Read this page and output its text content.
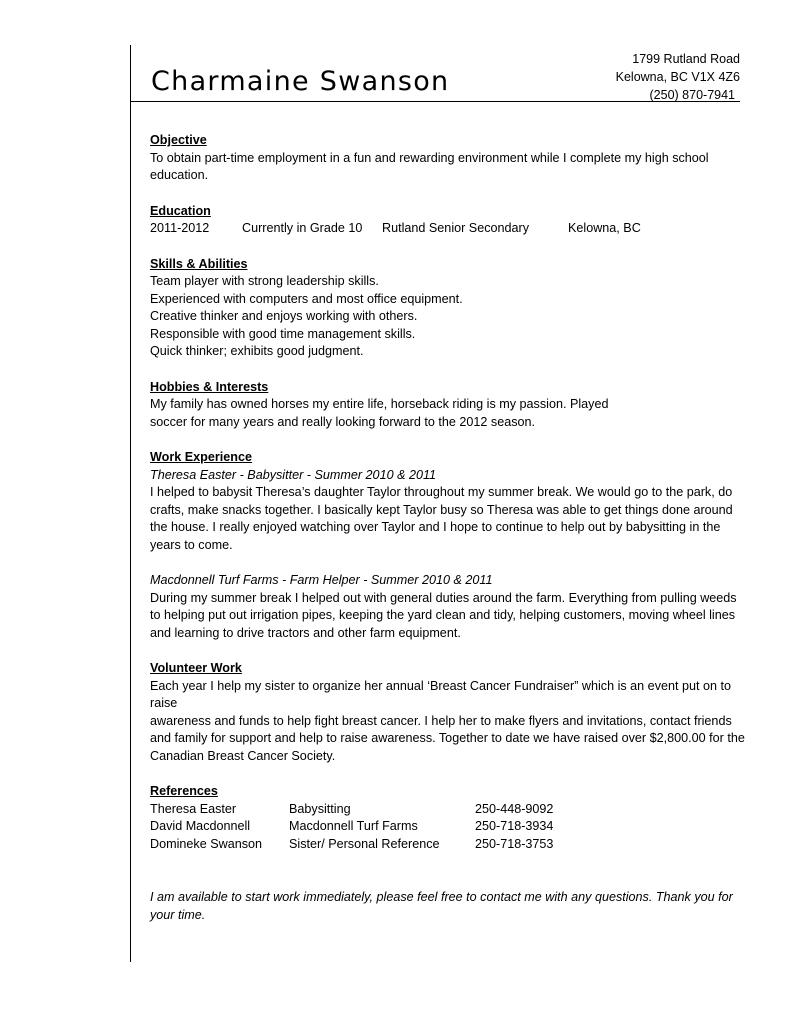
Charmaine Swanson
1799 Rutland Road
Kelowna, BC V1X 4Z6
(250) 870-7941
Objective
To obtain part-time employment in a fun and rewarding environment while I complete my high school education.
Education
2011-2012	Currently in Grade 10	Rutland Senior Secondary	Kelowna, BC
Skills & Abilities
Team player with strong leadership skills.
Experienced with computers and most office equipment.
Creative thinker and enjoys working with others.
Responsible with good time management skills.
Quick thinker; exhibits good judgment.
Hobbies & Interests
My family has owned horses my entire life, horseback riding is my passion. Played
soccer for many years and really looking forward to the 2012 season.
Work Experience
Theresa Easter - Babysitter - Summer 2010 & 2011
I helped to babysit Theresa’s daughter Taylor throughout my summer break. We would go to the park, do crafts, make snacks together. I basically kept Taylor busy so Theresa was able to get things done around the house. I really enjoyed watching over Taylor and I hope to continue to help out by babysitting in the years to come.
Macdonnell Turf Farms - Farm Helper - Summer 2010 & 2011
During my summer break I helped out with general duties around the farm. Everything from pulling weeds to helping put out irrigation pipes, keeping the yard clean and tidy, helping customers, moving wheel lines and learning to drive tractors and other farm equipment.
Volunteer Work
Each year I help my sister to organize her annual ‘Breast Cancer Fundraiser” which is an event put on to raise
awareness and funds to help fight breast cancer. I help her to make flyers and invitations, contact friends and family for support and help to raise awareness. Together to date we have raised over $2,800.00 for the Canadian Breast Cancer Society.
References
Theresa Easter	Babysitting	250-448-9092
David Macdonnell	Macdonnell Turf Farms	250-718-3934
Domineke Swanson	Sister/ Personal Reference	250-718-3753
I am available to start work immediately, please feel free to contact me with any questions. Thank you for your time.
